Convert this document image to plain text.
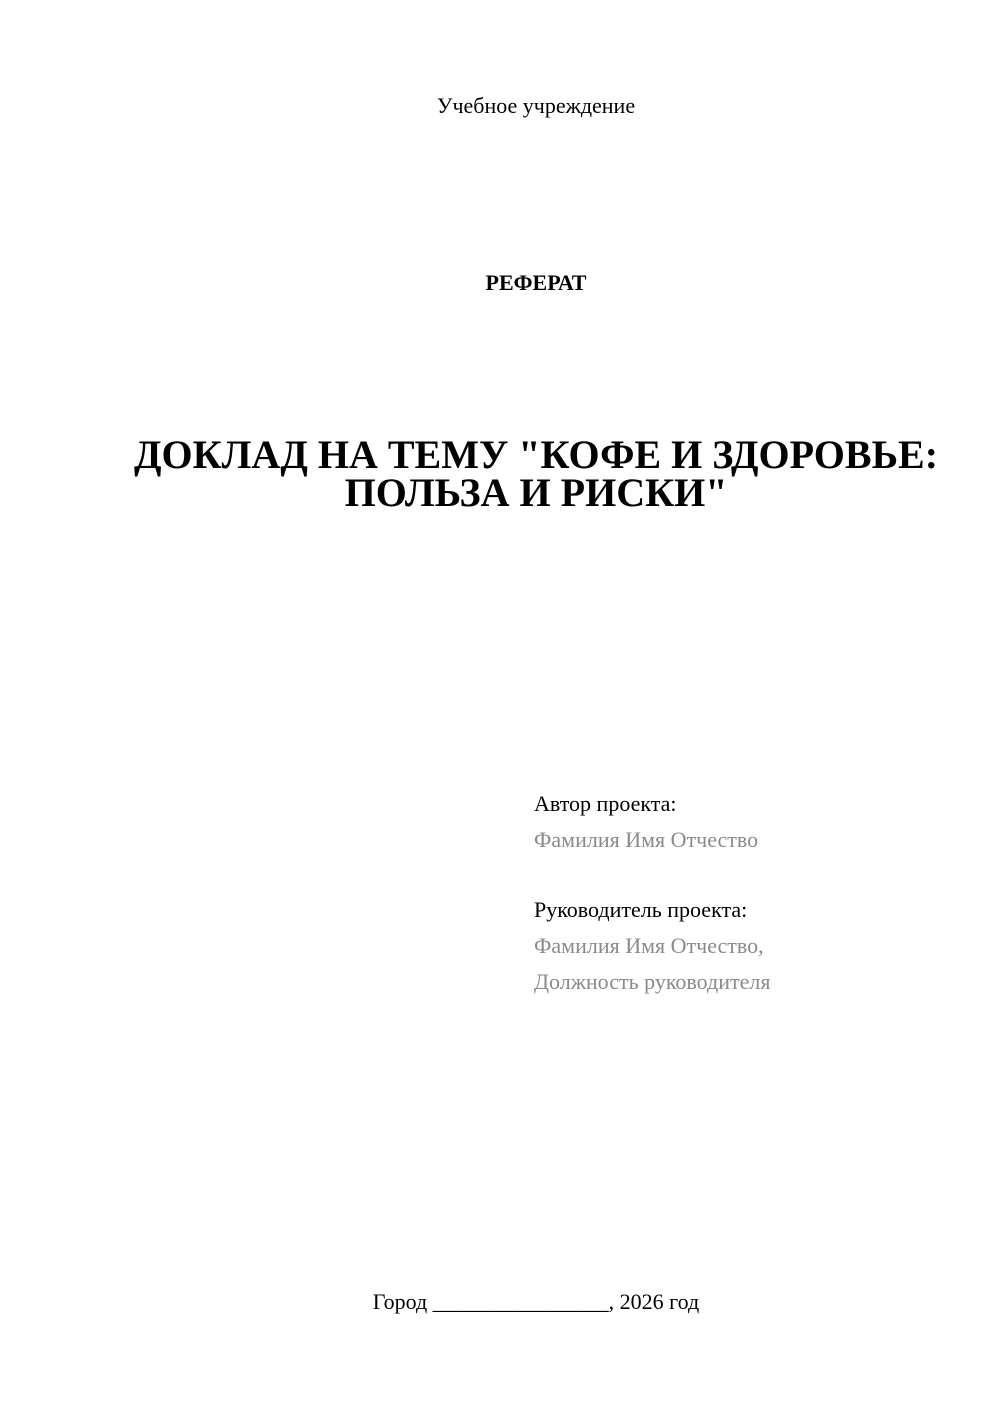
Учебное учреждение
РЕФЕРАТ
ДОКЛАД НА ТЕМУ "КОФЕ И ЗДОРОВЬЕ:
ПОЛЬЗА И РИСКИ"
Автор проекта:
Фамилия Имя Отчество
Руководитель проекта:
Фамилия Имя Отчество,
Должность руководителя
Город ________________, 2026 год
